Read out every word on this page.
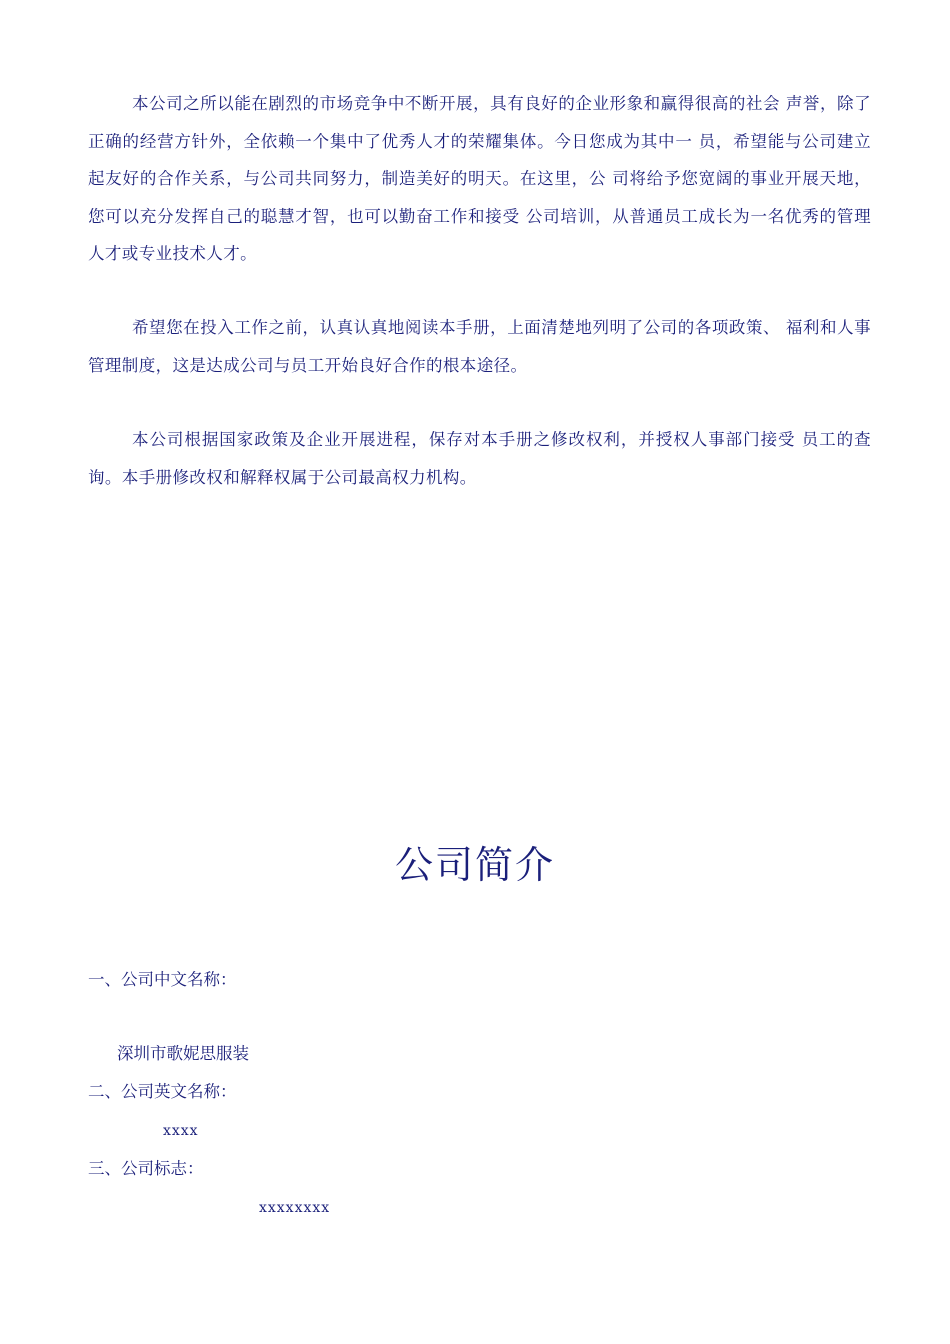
本公司之所以能在剧烈的市场竞争中不断开展，具有良好的企业形象和赢得很高的社会 声誉，除了正确的经营方针外，全依赖一个集中了优秀人才的荣耀集体。今日您成为其中一 员，希望能与公司建立起友好的合作关系，与公司共同努力，制造美好的明天。在这里，公 司将给予您宽阔的事业开展天地，您可以充分发挥自己的聪慧才智，也可以勤奋工作和接受 公司培训，从普通员工成长为一名优秀的管理人才或专业技术人才。

希望您在投入工作之前，认真认真地阅读本手册，上面清楚地列明了公司的各项政策、 福利和人事管理制度，这是达成公司与员工开始良好合作的根本途径。

本公司根据国家政策及企业开展进程，保存对本手册之修改权利，并授权人事部门接受 员工的查询。本手册修改权和解释权属于公司最高权力机构。

公司简介

一、公司中文名称：

深圳市歌妮思服装

二、公司英文名称：

xxxx

三、公司标志：

xxxxxxxx
